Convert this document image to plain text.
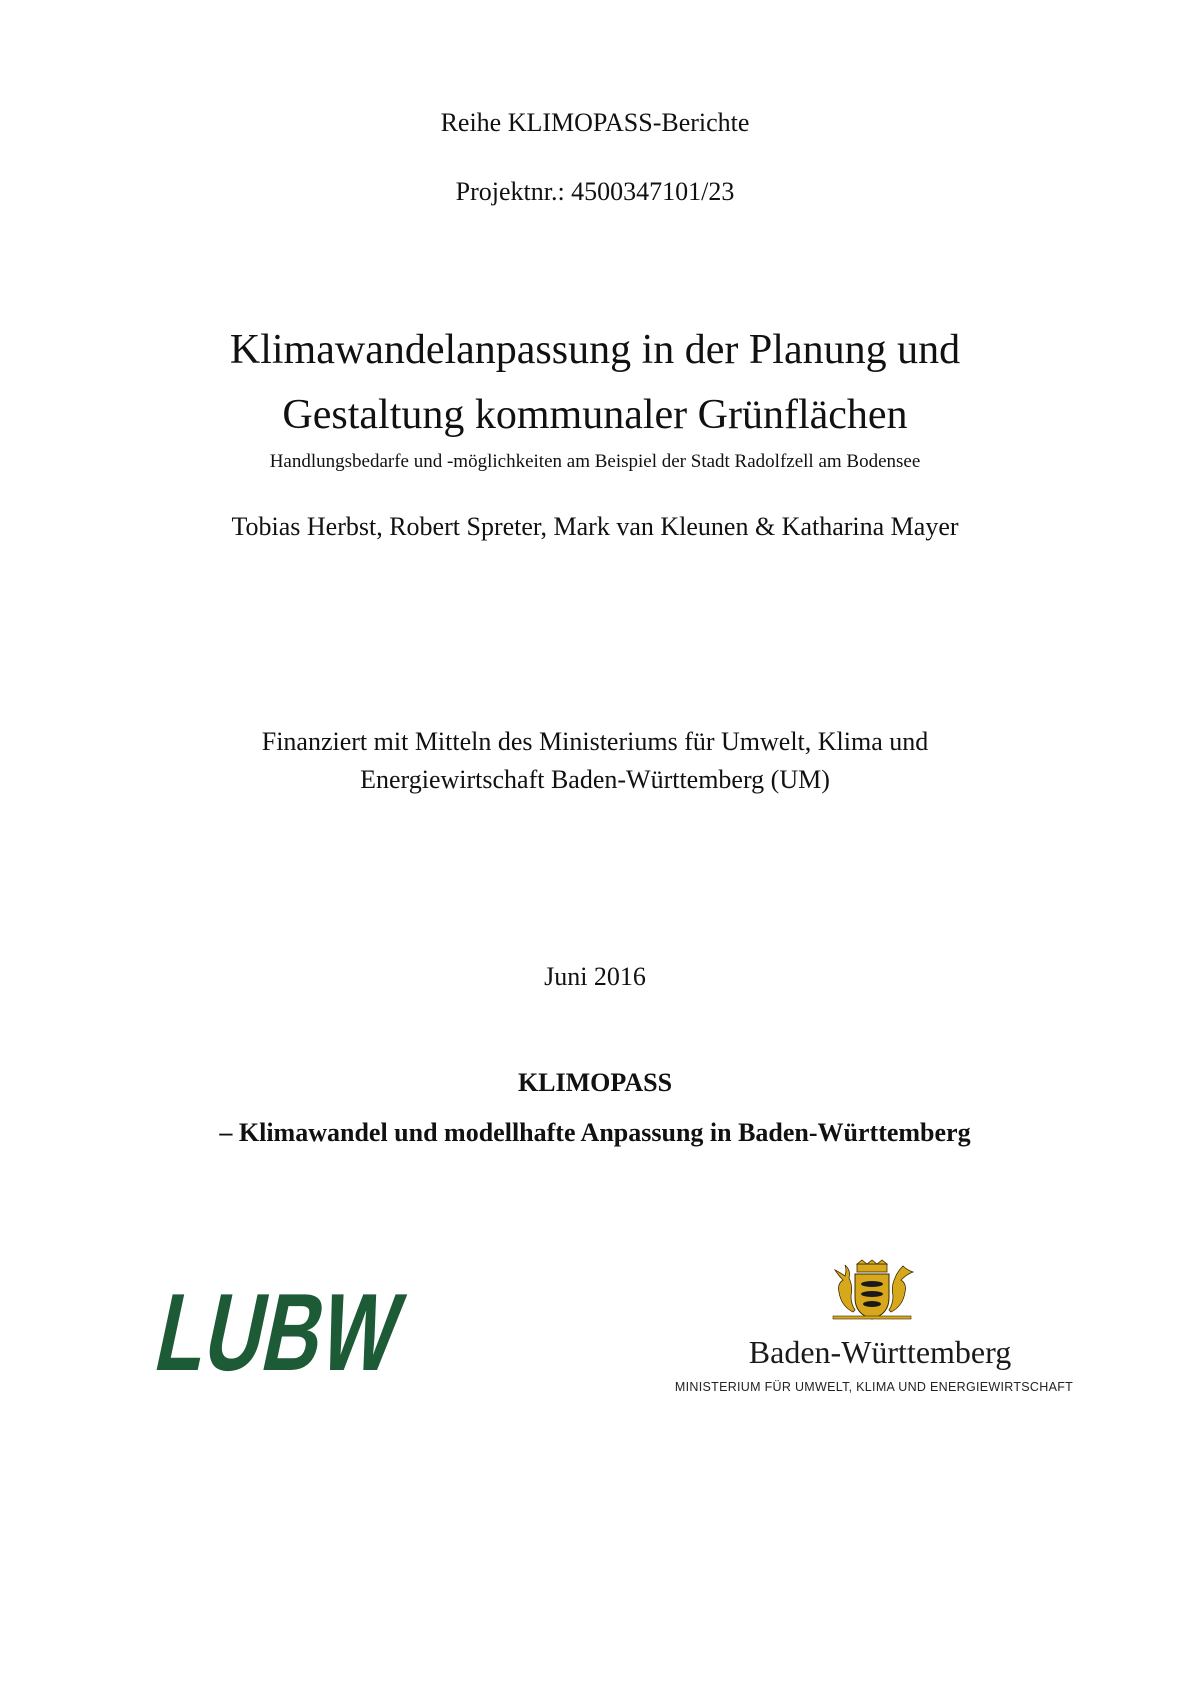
Reihe KLIMOPASS-Berichte
Projektnr.: 4500347101/23
Klimawandelanpassung in der Planung und
Gestaltung kommunaler Grünflächen
Handlungsbedarfe und -möglichkeiten am Beispiel der Stadt Radolfzell am Bodensee
Tobias Herbst, Robert Spreter, Mark van Kleunen & Katharina Mayer
Finanziert mit Mitteln des Ministeriums für Umwelt, Klima und
Energiewirtschaft Baden-Württemberg (UM)
Juni 2016
KLIMOPASS
– Klimawandel und modellhafte Anpassung in Baden-Württemberg
LUBW	Baden-Württemberg
MINISTERIUM FÜR UMWELT, KLIMA UND ENERGIEWIRTSCHAFT
